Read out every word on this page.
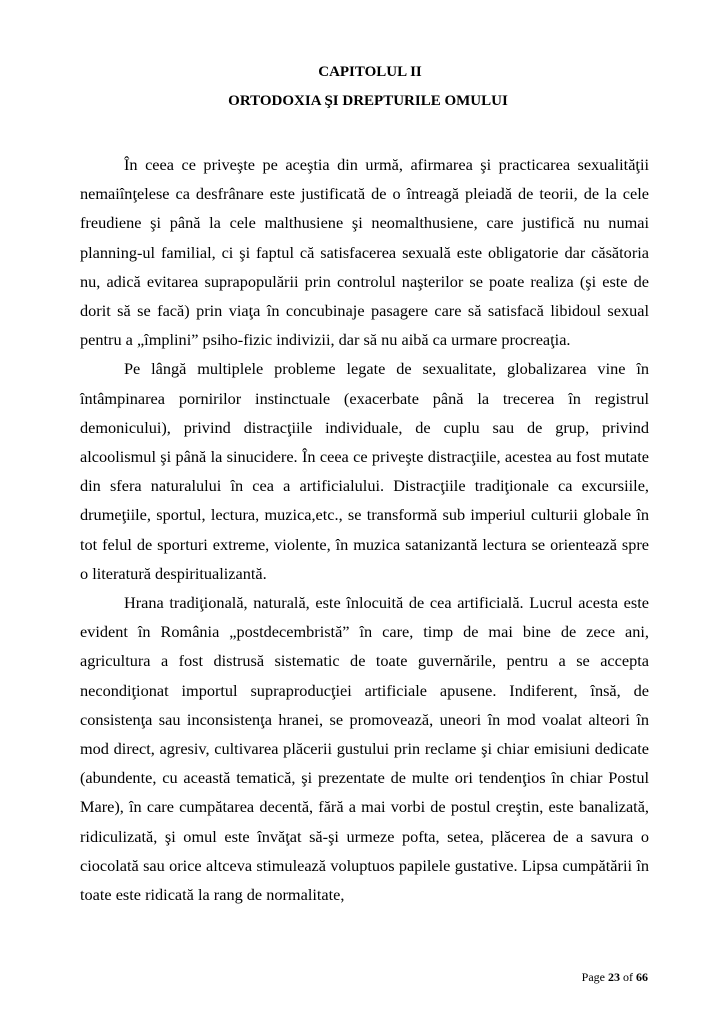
CAPITOLUL II
ORTODOXIA ŞI DREPTURILE OMULUI

În ceea ce priveşte pe aceştia din urmă, afirmarea şi practicarea sexualităţii nemaiînţelese ca desfrânare este justificată de o întreagă pleiadă de teorii, de la cele freudiene şi până la cele malthusiene şi neomalthusiene, care justifică nu numai planning-ul familial, ci şi faptul că satisfacerea sexuală este obligatorie dar căsătoria nu, adică evitarea suprapopulării prin controlul naşterilor se poate realiza (şi este de dorit să se facă) prin viaţa în concubinaje pasagere care să satisfacă libidoul sexual pentru a „împlini” psiho-fizic indivizii, dar să nu aibă ca urmare procreaţia.

Pe lângă multiplele probleme legate de sexualitate, globalizarea vine în întâmpinarea pornirilor instinctuale (exacerbate până la trecerea în registrul demonicului), privind distracţiile individuale, de cuplu sau de grup, privind alcoolismul şi până la sinucidere. În ceea ce priveşte distracţiile, acestea au fost mutate din sfera naturalului în cea a artificialului. Distracţiile tradiţionale ca excursiile, drumeţiile, sportul, lectura, muzica,etc., se transformă sub imperiul culturii globale în tot felul de sporturi extreme, violente, în muzica satanizantă lectura se orientează spre o literatură despiritualizantă.

Hrana tradiţională, naturală, este înlocuită de cea artificială. Lucrul acesta este evident în România „postdecembristă” în care, timp de mai bine de zece ani, agricultura a fost distrusă sistematic de toate guvernările, pentru a se accepta necondiţionat importul supraproducţiei artificiale apusene. Indiferent, însă, de consistenţa sau inconsistenţa hranei, se promovează, uneori în mod voalat alteori în mod direct, agresiv, cultivarea plăcerii gustului prin reclame şi chiar emisiuni dedicate (abundente, cu această tematică, şi prezentate de multe ori tendenţios în chiar Postul Mare), în care cumpătarea decentă, fără a mai vorbi de postul creştin, este banalizată, ridiculizată, şi omul este învăţat să-şi urmeze pofta, setea, plăcerea de a savura o ciocolată sau orice altceva stimulează voluptuos papilele gustative. Lipsa cumpătării în toate este ridicată la rang de normalitate,

Page 23 of 66
